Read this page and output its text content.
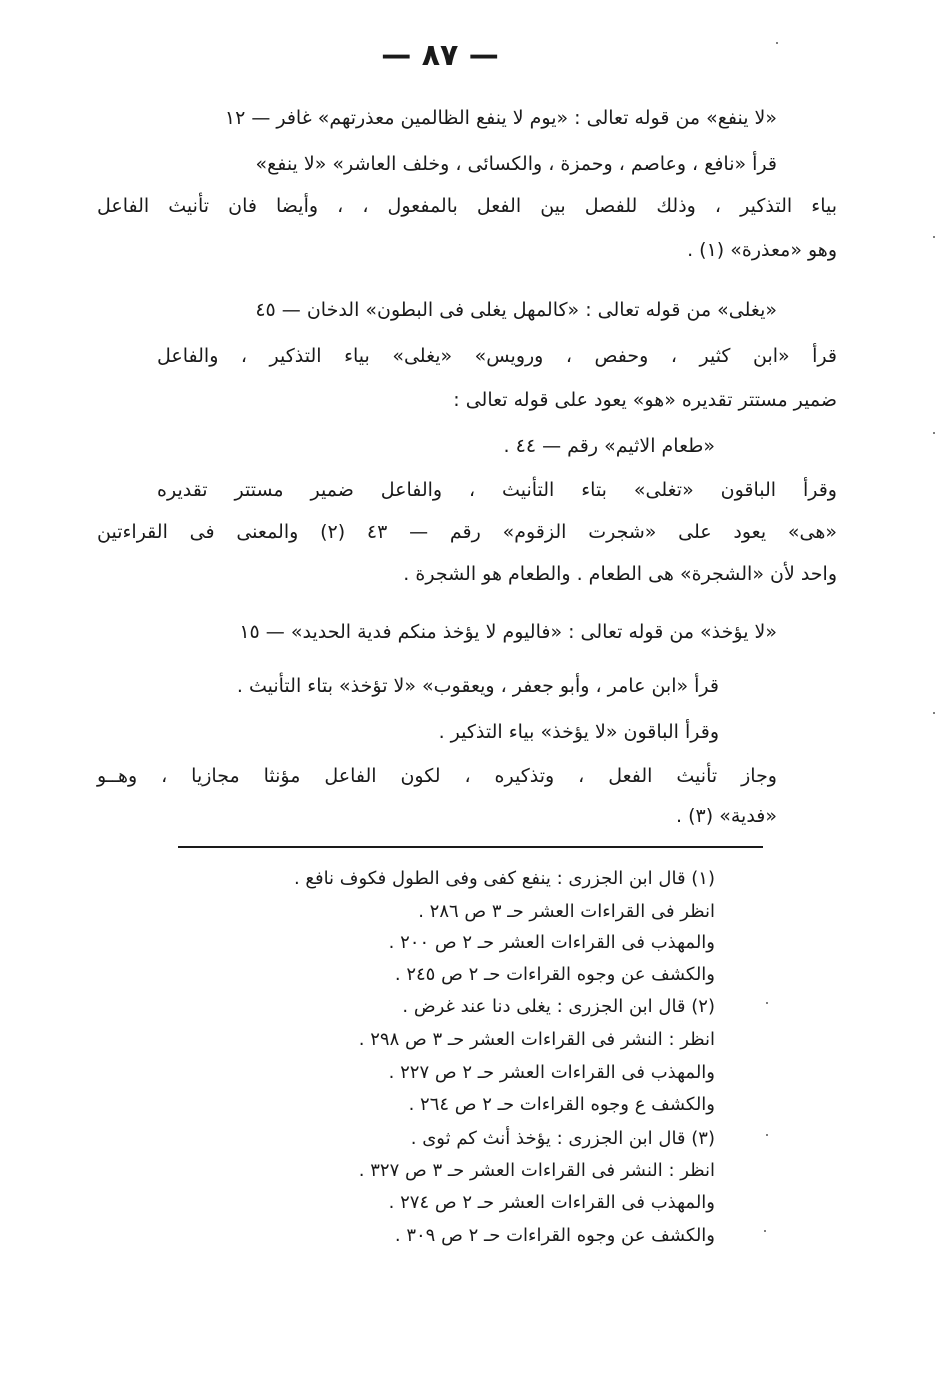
— ٨٧ —
«لا ينفع» من قوله تعالى : «يوم لا ينفع الظالمين معذرتهم» غافر — ١٢
قرأ «نافع ، وعاصم ، وحمزة ، والكسائى ، وخلف العاشر» «لا ينفع»
بياء التذكير ، وذلك للفصل بين الفعل بالمفعول ، ، وأيضا فان تأنيث الفاعل
وهو «معذرة» (١) .
«يغلى» من قوله تعالى : «كالمهل يغلى فى البطون» الدخان — ٤٥
قرأ «ابن كثير ، وحفص ، ورويس» «يغلى» بياء التذكير ، والفاعل
ضمير مستتر تقديره «هو» يعود على قوله تعالى :
«طعام الاثيم» رقم — ٤٤ .
وقرأ الباقون «تغلى» بتاء التأنيث ، والفاعل ضمير مستتر تقديره
«هى» يعود على «شجرت الزقوم» رقم — ٤٣ (٢) والمعنى فى القراءتين
واحد لأن «الشجرة» هى الطعام . والطعام هو الشجرة .
«لا يؤخذ» من قوله تعالى : «فاليوم لا يؤخذ منكم فدية الحديد» — ١٥
قرأ «ابن عامر ، وأبو جعفر ، ويعقوب» «لا تؤخذ» بتاء التأنيث .
وقرأ الباقون «لا يؤخذ» بياء التذكير .
وجاز تأنيث الفعل ، وتذكيره ، لكون الفاعل مؤنثا مجازيا ، وهــو
«فدية» (٣) .
(١) قال ابن الجزرى : ينفع كفى وفى الطول فكوف نافع .
انظر فى القراءات العشر حـ ٣ ص ٢٨٦ .
والمهذب فى القراءات العشر حـ ٢ ص ٢٠٠ .
والكشف عن وجوه القراءات حـ ٢ ص ٢٤٥ .
(٢) قال ابن الجزرى : يغلى دنا عند غرض .
انظر : النشر فى القراءات العشر حـ ٣ ص ٢٩٨ .
والمهذب فى القراءات العشر حـ ٢ ص ٢٢٧ .
والكشف ع وجوه القراءات حـ ٢ ص ٢٦٤ .
(٣) قال ابن الجزرى : يؤخذ أنث كم ثوى .
انظر : النشر فى القراءات العشر حـ ٣ ص ٣٢٧ .
والمهذب فى القراءات العشر حـ ٢ ص ٢٧٤ .
والكشف عن وجوه القراءات حـ ٢ ص ٣٠٩ .
